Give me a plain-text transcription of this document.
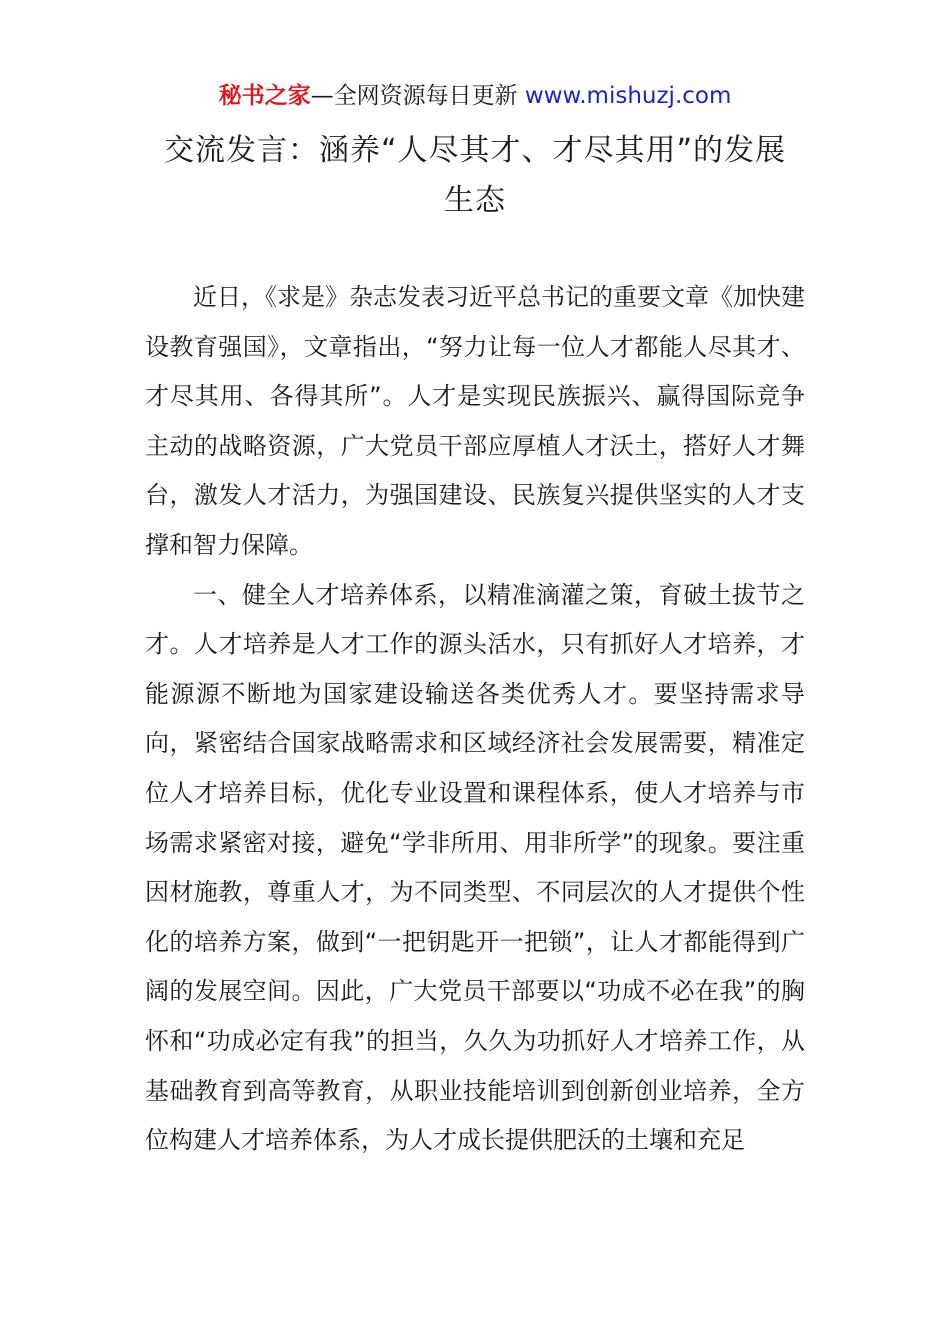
秘书之家—全网资源每日更新 www.mishuzj.com
交流发言：涵养“人尽其才、才尽其用”的发展生态

近日，《求是》杂志发表习近平总书记的重要文章《加快建设教育强国》，文章指出，“努力让每一位人才都能人尽其才、才尽其用、各得其所”。人才是实现民族振兴、赢得国际竞争主动的战略资源，广大党员干部应厚植人才沃土，搭好人才舞台，激发人才活力，为强国建设、民族复兴提供坚实的人才支撑和智力保障。

一、健全人才培养体系，以精准滴灌之策，育破土拔节之才。人才培养是人才工作的源头活水，只有抓好人才培养，才能源源不断地为国家建设输送各类优秀人才。要坚持需求导向，紧密结合国家战略需求和区域经济社会发展需要，精准定位人才培养目标，优化专业设置和课程体系，使人才培养与市场需求紧密对接，避免“学非所用、用非所学”的现象。要注重因材施教，尊重人才，为不同类型、不同层次的人才提供个性化的培养方案，做到“一把钥匙开一把锁”，让人才都能得到广阔的发展空间。因此，广大党员干部要以“功成不必在我”的胸怀和“功成必定有我”的担当，久久为功抓好人才培养工作，从基础教育到高等教育，从职业技能培训到创新创业培养，全方位构建人才培养体系，为人才成长提供肥沃的土壤和充足
